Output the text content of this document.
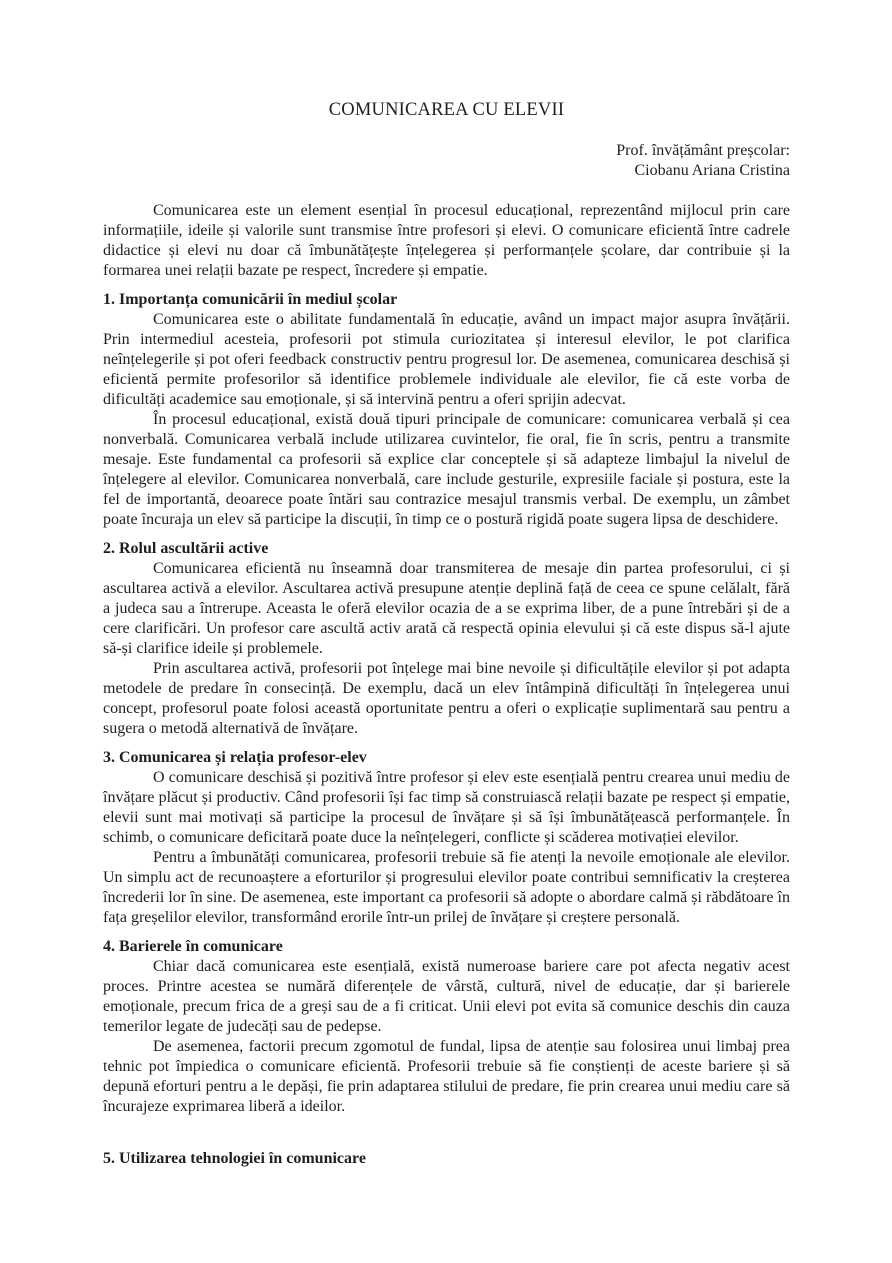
COMUNICAREA CU ELEVII
Prof. învățământ preșcolar:
Ciobanu Ariana Cristina

Comunicarea este un element esențial în procesul educațional, reprezentând mijlocul prin care informațiile, ideile și valorile sunt transmise între profesori și elevi. O comunicare eficientă între cadrele didactice și elevi nu doar că îmbunătățește înțelegerea și performanțele școlare, dar contribuie și la formarea unei relații bazate pe respect, încredere și empatie.

1. Importanța comunicării în mediul școlar

Comunicarea este o abilitate fundamentală în educație, având un impact major asupra învățării. Prin intermediul acesteia, profesorii pot stimula curiozitatea și interesul elevilor, le pot clarifica neînțelegerile și pot oferi feedback constructiv pentru progresul lor. De asemenea, comunicarea deschisă și eficientă permite profesorilor să identifice problemele individuale ale elevilor, fie că este vorba de dificultăți academice sau emoționale, și să intervină pentru a oferi sprijin adecvat.

În procesul educațional, există două tipuri principale de comunicare: comunicarea verbală și cea nonverbală. Comunicarea verbală include utilizarea cuvintelor, fie oral, fie în scris, pentru a transmite mesaje. Este fundamental ca profesorii să explice clar conceptele și să adapteze limbajul la nivelul de înțelegere al elevilor. Comunicarea nonverbală, care include gesturile, expresiile faciale și postura, este la fel de importantă, deoarece poate întări sau contrazice mesajul transmis verbal. De exemplu, un zâmbet poate încuraja un elev să participe la discuții, în timp ce o postură rigidă poate sugera lipsa de deschidere.

2. Rolul ascultării active

Comunicarea eficientă nu înseamnă doar transmiterea de mesaje din partea profesorului, ci și ascultarea activă a elevilor. Ascultarea activă presupune atenție deplină față de ceea ce spune celălalt, fără a judeca sau a întrerupe. Aceasta le oferă elevilor ocazia de a se exprima liber, de a pune întrebări și de a cere clarificări. Un profesor care ascultă activ arată că respectă opinia elevului și că este dispus să-l ajute să-și clarifice ideile și problemele.

Prin ascultarea activă, profesorii pot înțelege mai bine nevoile și dificultățile elevilor și pot adapta metodele de predare în consecință. De exemplu, dacă un elev întâmpină dificultăți în înțelegerea unui concept, profesorul poate folosi această oportunitate pentru a oferi o explicație suplimentară sau pentru a sugera o metodă alternativă de învățare.

3. Comunicarea și relația profesor-elev

O comunicare deschisă și pozitivă între profesor și elev este esențială pentru crearea unui mediu de învățare plăcut și productiv. Când profesorii își fac timp să construiască relații bazate pe respect și empatie, elevii sunt mai motivați să participe la procesul de învățare și să își îmbunătățească performanțele. În schimb, o comunicare deficitară poate duce la neînțelegeri, conflicte și scăderea motivației elevilor.

Pentru a îmbunătăți comunicarea, profesorii trebuie să fie atenți la nevoile emoționale ale elevilor. Un simplu act de recunoaștere a eforturilor și progresului elevilor poate contribui semnificativ la creșterea încrederii lor în sine. De asemenea, este important ca profesorii să adopte o abordare calmă și răbdătoare în fața greșelilor elevilor, transformând erorile într-un prilej de învățare și creștere personală.

4. Barierele în comunicare

Chiar dacă comunicarea este esențială, există numeroase bariere care pot afecta negativ acest proces. Printre acestea se numără diferențele de vârstă, cultură, nivel de educație, dar și barierele emoționale, precum frica de a greși sau de a fi criticat. Unii elevi pot evita să comunice deschis din cauza temerilor legate de judecăți sau de pedepse.

De asemenea, factorii precum zgomotul de fundal, lipsa de atenție sau folosirea unui limbaj prea tehnic pot împiedica o comunicare eficientă. Profesorii trebuie să fie conștienți de aceste bariere și să depună eforturi pentru a le depăși, fie prin adaptarea stilului de predare, fie prin crearea unui mediu care să încurajeze exprimarea liberă a ideilor.

5. Utilizarea tehnologiei în comunicare
